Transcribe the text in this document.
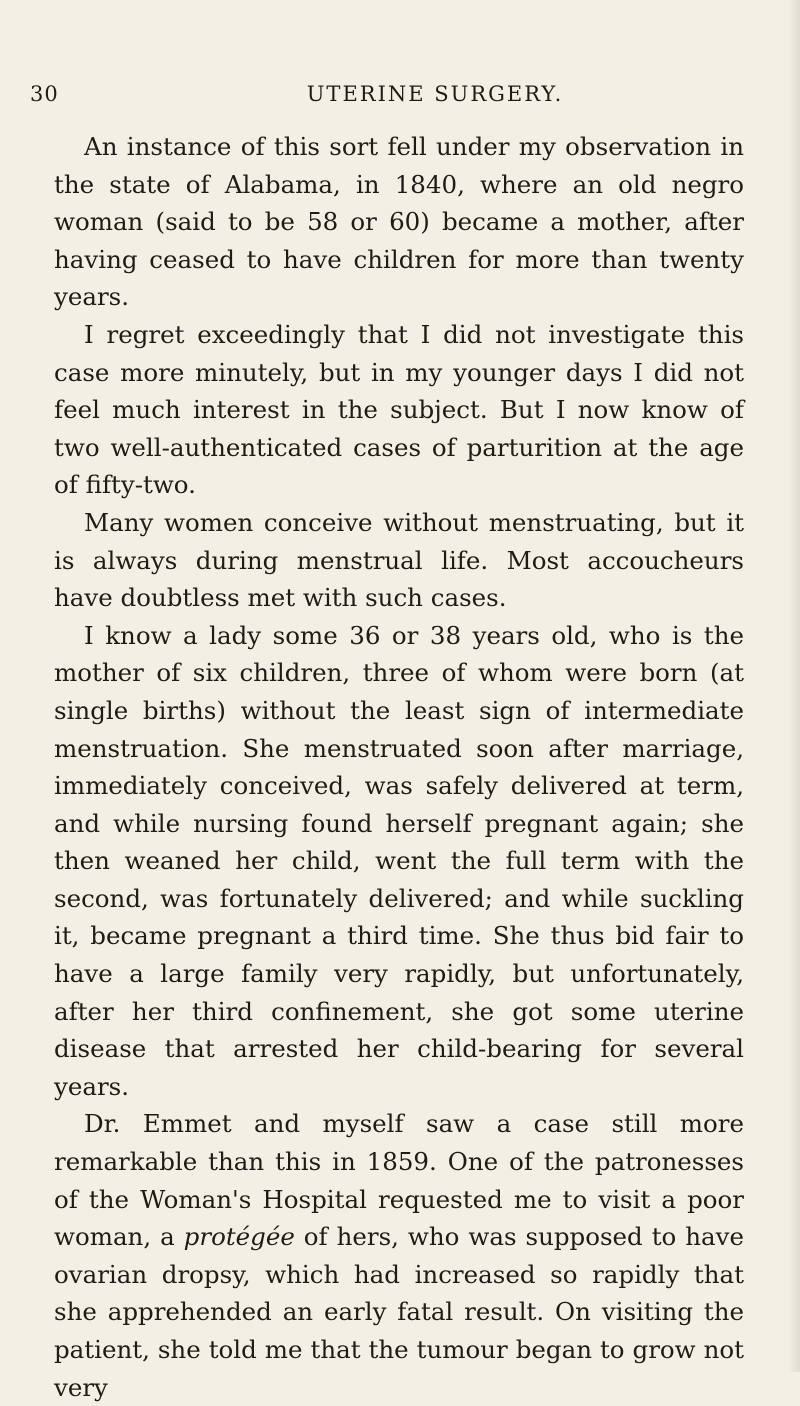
30	UTERINE SURGERY.

An instance of this sort fell under my observation in the state of Alabama, in 1840, where an old negro woman (said to be 58 or 60) became a mother, after having ceased to have children for more than twenty years.

I regret exceedingly that I did not investigate this case more minutely, but in my younger days I did not feel much interest in the subject. But I now know of two well-authenticated cases of parturition at the age of fifty-two.

Many women conceive without menstruating, but it is always during menstrual life. Most accoucheurs have doubtless met with such cases.

I know a lady some 36 or 38 years old, who is the mother of six children, three of whom were born (at single births) without the least sign of intermediate menstruation. She menstruated soon after marriage, immediately conceived, was safely delivered at term, and while nursing found herself pregnant again; she then weaned her child, went the full term with the second, was fortunately delivered; and while suckling it, became pregnant a third time. She thus bid fair to have a large family very rapidly, but unfortunately, after her third confinement, she got some uterine disease that arrested her child-bearing for several years.

Dr. Emmet and myself saw a case still more remarkable than this in 1859. One of the patronesses of the Woman's Hospital requested me to visit a poor woman, a protégée of hers, who was supposed to have ovarian dropsy, which had increased so rapidly that she apprehended an early fatal result. On visiting the patient, she told me that the tumour began to grow not very
